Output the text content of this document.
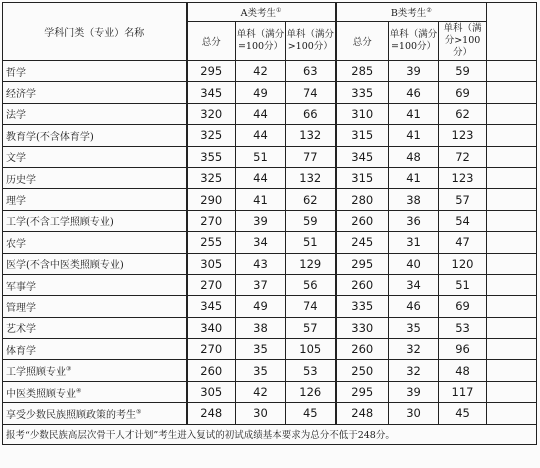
学科门类（专业）名称	A类考生①			B类考生②	
	总分	单科（满分=100分）	单科（满分>100分）	总分	单科（满分=100分）	单科（满分>100分）	
哲学	295	42	63	285	39	59	
经济学	345	49	74	335	46	69	
法学	320	44	66	310	41	62	
教育学(不含体育学)	325	44	132	315	41	123	
文学	355	51	77	345	48	72	
历史学	325	44	132	315	41	123	
理学	290	41	62	280	38	57	
工学(不含工学照顾专业)	270	39	59	260	36	54	
农学	255	34	51	245	31	47	
医学(不含中医类照顾专业)	305	43	129	295	40	120	
军事学	270	37	56	260	34	51	
管理学	345	49	74	335	46	69	
艺术学	340	38	57	330	35	53	
体育学	270	35	105	260	32	96	
工学照顾专业③	260	35	53	250	32	48	
中医类照顾专业④	305	42	126	295	39	117	
享受少数民族照顾政策的考生⑤	248	30	45	248	30	45	
报考“少数民族高层次骨干人才计划”考生进入复试的初试成绩基本要求为总分不低于248分。							
